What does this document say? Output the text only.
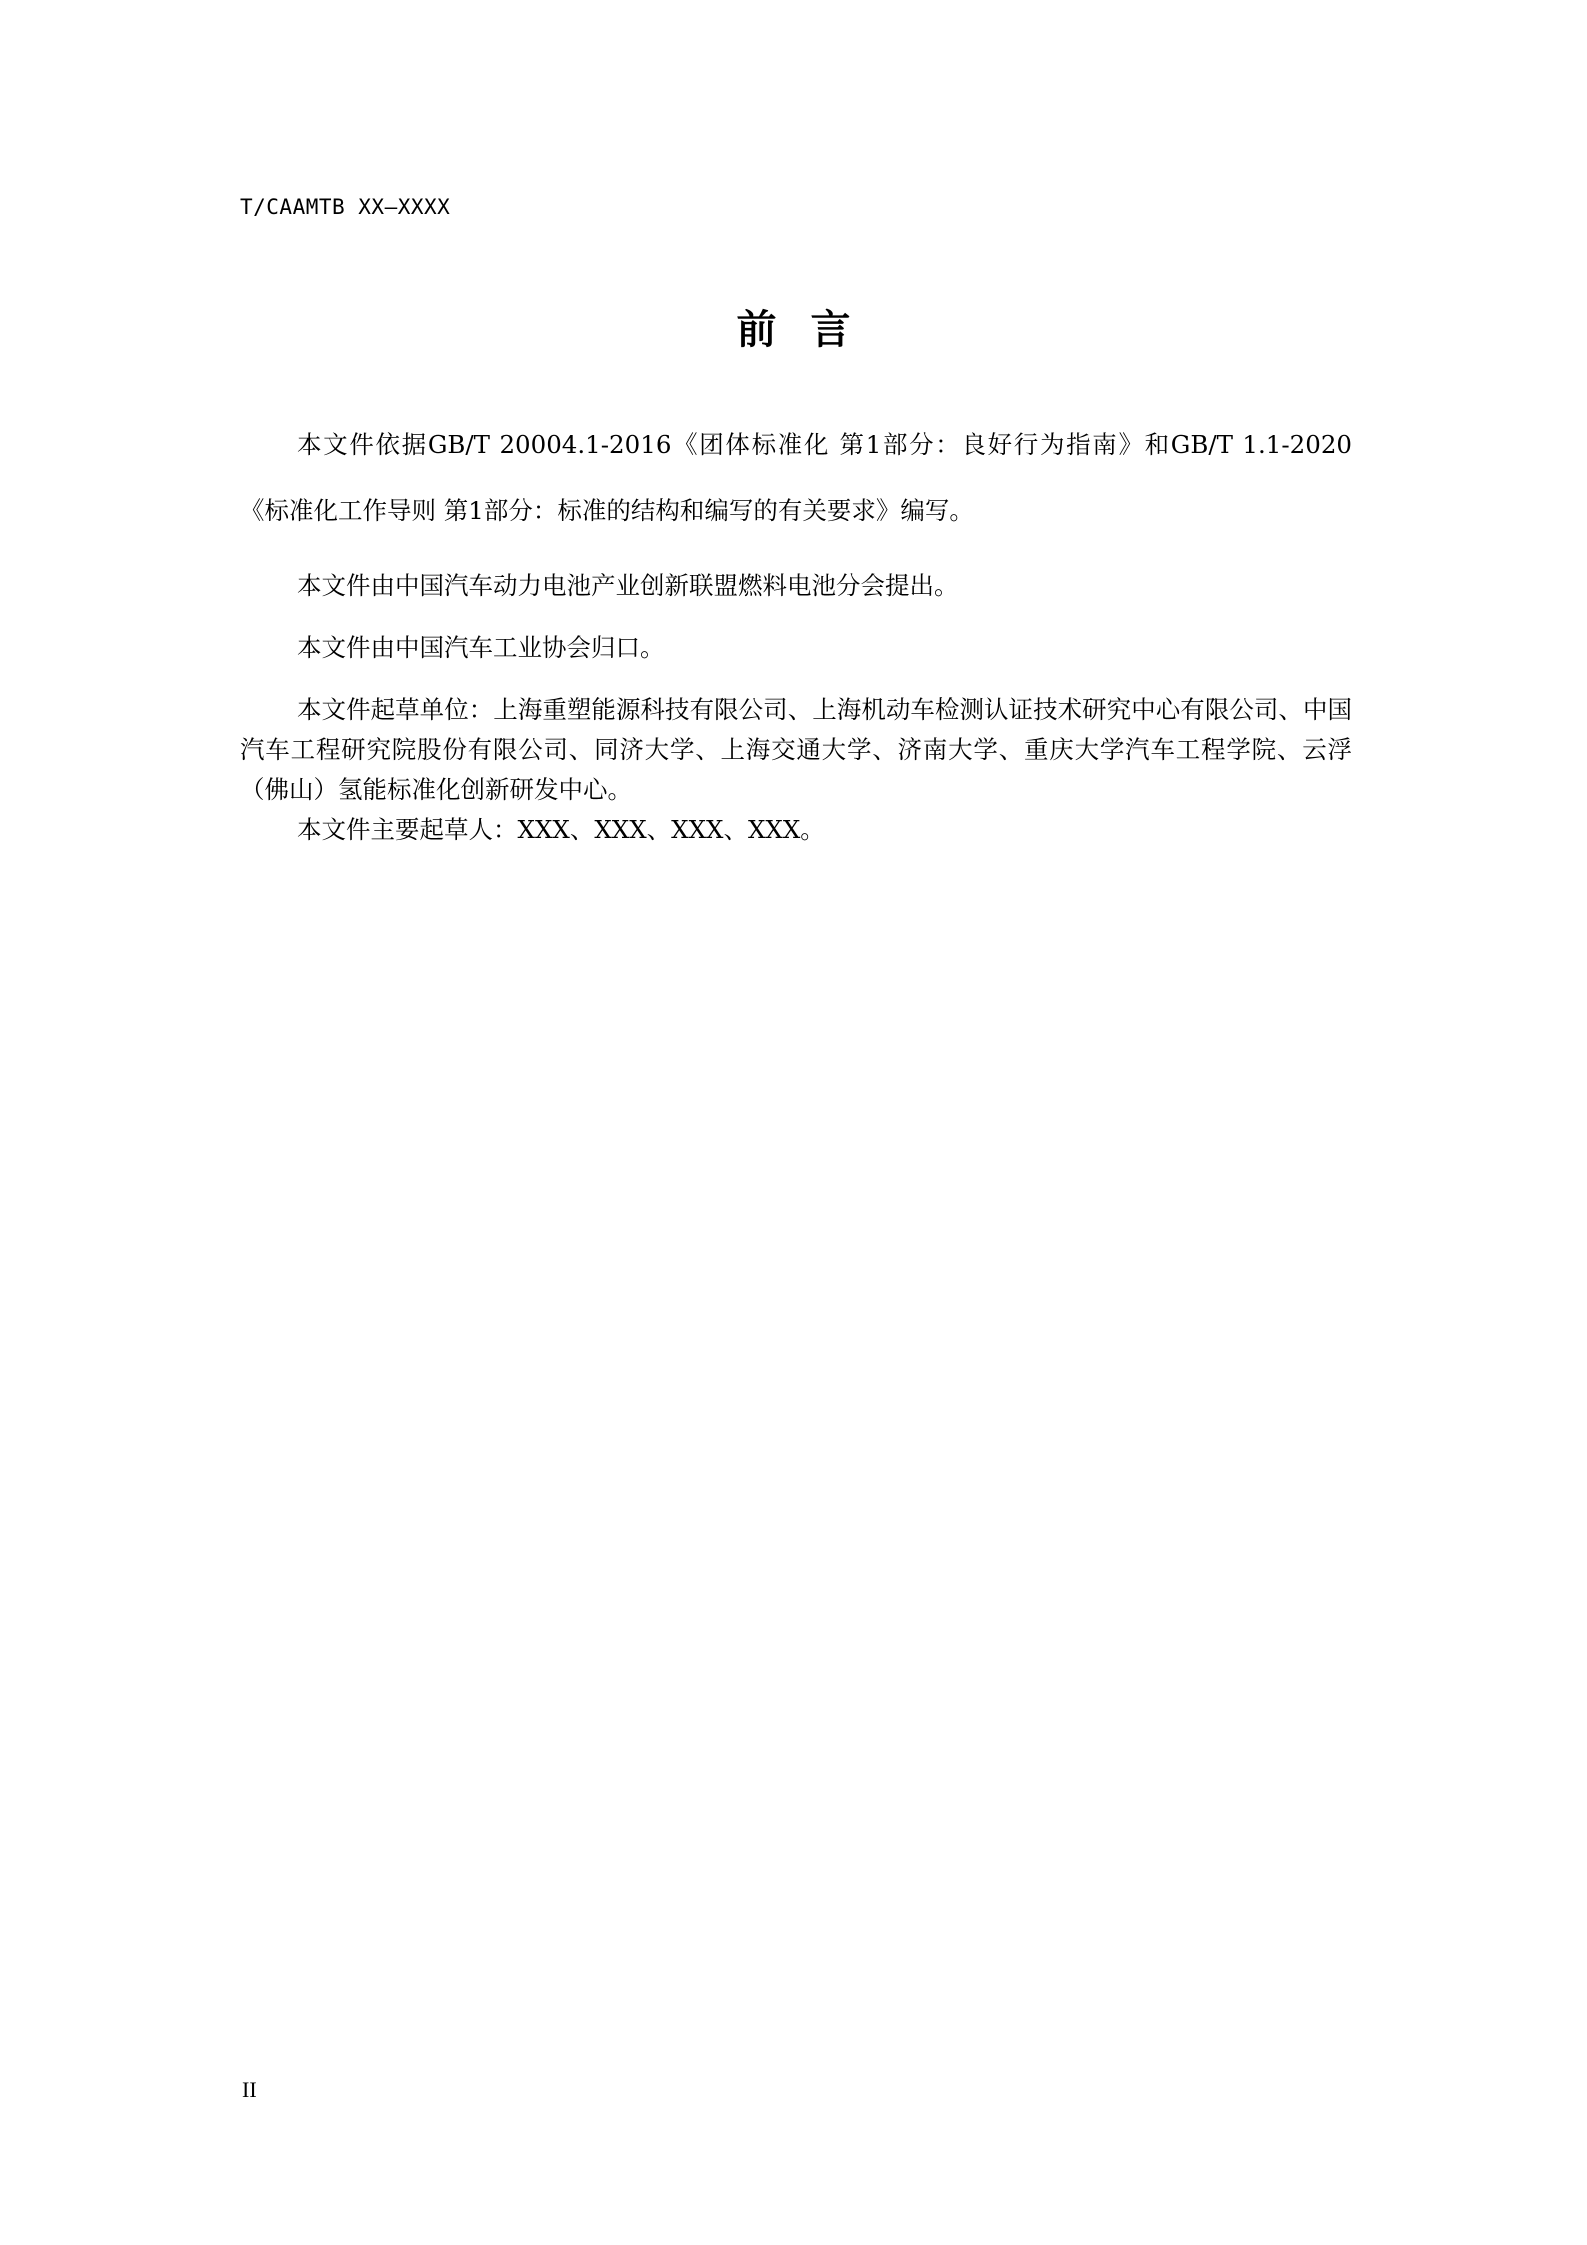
T/CAAMTB XX—XXXX
前言

本文件依据GB/T 20004.1-2016《团体标准化 第1部分：良好行为指南》和GB/T 1.1-2020《标准化工作导则 第1部分：标准的结构和编写的有关要求》编写。

本文件由中国汽车动力电池产业创新联盟燃料电池分会提出。

本文件由中国汽车工业协会归口。

本文件起草单位：上海重塑能源科技有限公司、上海机动车检测认证技术研究中心有限公司、中国汽车工程研究院股份有限公司、同济大学、上海交通大学、济南大学、重庆大学汽车工程学院、云浮（佛山）氢能标准化创新研发中心。

本文件主要起草人：XXX、XXX、XXX、XXX。

II
